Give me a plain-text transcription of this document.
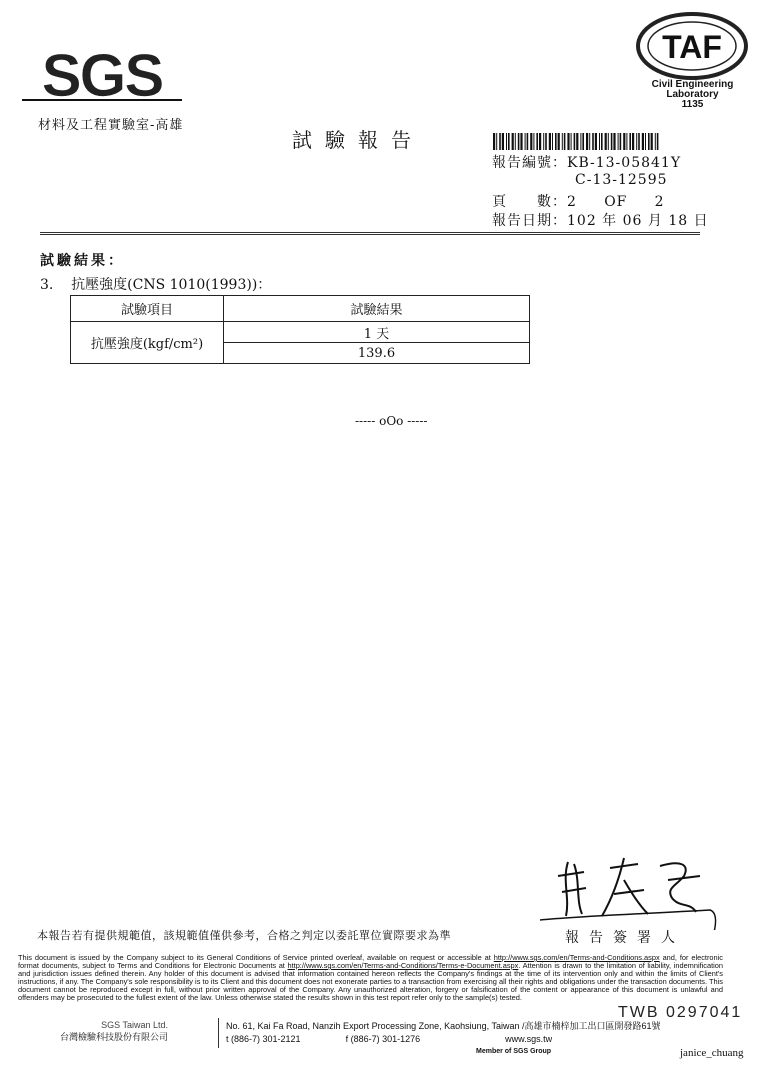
SGS
材料及工程實驗室-高雄
TAF
Civil Engineering
Laboratory
1135
試驗報告
報告編號：KB-13-05841Y
C-13-12595
頁　　數：2 OF 2
報告日期：102 年 06 月 18 日
試驗結果：
3. 抗壓強度(CNS 1010(1993))：
試驗項目	試驗結果
抗壓強度(kgf/cm²)	1 天
	139.6
----- oOo -----
本報告若有提供規範值，該規範值僅供參考，合格之判定以委託單位實際要求為準	報告簽署人
This document is issued by the Company subject to its General Conditions of Service printed overleaf, available on request or accessible at http://www.sgs.com/en/Terms-and-Conditions.aspx and, for electronic format documents, subject to Terms and Conditions for Electronic Documents at http://www.sgs.com/en/Terms-and-Conditions/Terms-e-Document.aspx. Attention is drawn to the limitation of liability, indemnification and jurisdiction issues defined therein. Any holder of this document is advised that information contained hereon reflects the Company's findings at the time of its intervention only and within the limits of Client's instructions, if any. The Company's sole responsibility is to its Client and this document does not exonerate parties to a transaction from exercising all their rights and obligations under the transaction documents. This document cannot be reproduced except in full, without prior written approval of the Company. Any unauthorized alteration, forgery or falsification of the content or appearance of this document is unlawful and offenders may be prosecuted to the fullest extent of the law. Unless otherwise stated the results shown in this test report refer only to the sample(s) tested.
TWB 0297041
SGS Taiwan Ltd.
台灣檢驗科技股份有限公司
No. 61, Kai Fa Road, Nanzih Export Processing Zone, Kaohsiung, Taiwan /高雄市楠梓加工出口區開發路61號
t (886-7) 301-2121	f (886-7) 301-1276	www.sgs.tw
Member of SGS Group	janice_chuang
